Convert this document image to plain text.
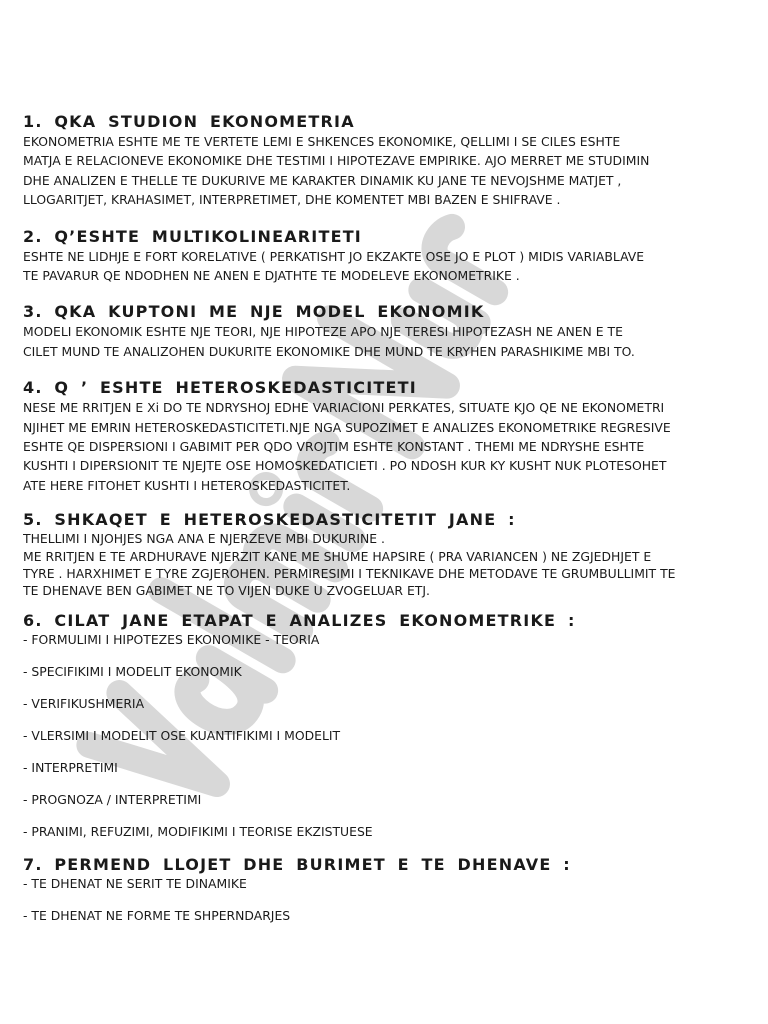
1. QKA STUDION EKONOMETRIA

EKONOMETRIA ESHTE ME TE VERTETE LEMI E SHKENCES EKONOMIKE, QELLIMI I SE CILES ESHTE
MATJA E RELACIONEVE EKONOMIKE DHE TESTIMI I HIPOTEZAVE EMPIRIKE. AJO MERRET ME STUDIMIN
DHE ANALIZEN E THELLE TE DUKURIVE ME KARAKTER DINAMIK KU JANE TE NEVOJSHME MATJET ,
LLOGARITJET, KRAHASIMET, INTERPRETIMET, DHE KOMENTET MBI BAZEN E SHIFRAVE .

2. Q’ESHTE MULTIKOLINEARITETI

ESHTE NE LIDHJE E FORT KORELATIVE ( PERKATISHT JO EKZAKTE OSE JO E PLOT ) MIDIS VARIABLAVE
TE PAVARUR QE NDODHEN NE ANEN E DJATHTE TE MODELEVE EKONOMETRIKE .

3. QKA KUPTONI ME NJE MODEL EKONOMIK

MODELI EKONOMIK ESHTE NJE TEORI, NJE HIPOTEZE APO NJE TERESI HIPOTEZASH NE ANEN E TE
CILET MUND TE ANALIZOHEN DUKURITE EKONOMIKE DHE MUND TE KRYHEN PARASHIKIME MBI TO.

4. Q ’ ESHTE HETEROSKEDASTICITETI

NESE ME RRITJEN E Xi DO TE NDRYSHOJ EDHE VARIACIONI PERKATES, SITUATE KJO QE NE EKONOMETRI
NJIHET ME EMRIN HETEROSKEDASTICITETI.NJE NGA SUPOZIMET E ANALIZES EKONOMETRIKE REGRESIVE
ESHTE QE DISPERSIONI I GABIMIT PER QDO VROJTIM ESHTE KONSTANT . THEMI ME NDRYSHE ESHTE
KUSHTI I DIPERSIONIT TE NJEJTE OSE HOMOSKEDATICIETI . PO NDOSH KUR KY KUSHT NUK PLOTESOHET
ATE HERE FITOHET KUSHTI I HETEROSKEDASTICITET.

5. SHKAQET E HETEROSKEDASTICITETIT JANE :

THELLIMI I NJOHJES NGA ANA E NJERZEVE MBI DUKURINE .
ME RRITJEN E TE ARDHURAVE NJERZIT KANE ME SHUME HAPSIRE ( PRA VARIANCEN ) NE ZGJEDHJET E
TYRE . HARXHIMET E TYRE ZGJEROHEN. PERMIRESIMI I TEKNIKAVE DHE METODAVE TE GRUMBULLIMIT TE
TE DHENAVE BEN GABIMET NE TO VIJEN DUKE U ZVOGELUAR ETJ.

6. CILAT JANE ETAPAT E ANALIZES EKONOMETRIKE :

- FORMULIMI I HIPOTEZES EKONOMIKE - TEORIA

- SPECIFIKIMI I MODELIT EKONOMIK

- VERIFIKUSHMERIA

- VLERSIMI I MODELIT OSE KUANTIFIKIMI I MODELIT

- INTERPRETIMI

- PROGNOZA / INTERPRETIMI

- PRANIMI, REFUZIMI, MODIFIKIMI I TEORISE EKZISTUESE

7. PERMEND LLOJET DHE BURIMET E TE DHENAVE :

- TE DHENAT NE SERIT TE DINAMIKE

- TE DHENAT NE FORME TE SHPERNDARJES
